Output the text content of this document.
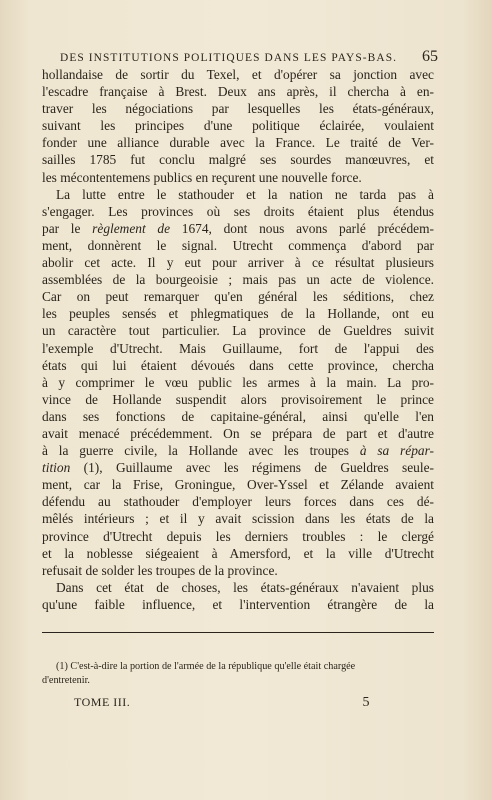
DES INSTITUTIONS POLITIQUES DANS LES PAYS-BAS. 65
hollandaise de sortir du Texel, et d'opérer sa jonction avec
l'escadre française à Brest. Deux ans après, il chercha à en-
traver les négociations par lesquelles les états-généraux,
suivant les principes d'une politique éclairée, voulaient
fonder une alliance durable avec la France. Le traité de Ver-
sailles 1785 fut conclu malgré ses sourdes manœuvres, et
les mécontentemens publics en reçurent une nouvelle force.
La lutte entre le stathouder et la nation ne tarda pas à
s'engager. Les provinces où ses droits étaient plus étendus
par le règlement de 1674, dont nous avons parlé précédem-
ment, donnèrent le signal. Utrecht commença d'abord par
abolir cet acte. Il y eut pour arriver à ce résultat plusieurs
assemblées de la bourgeoisie ; mais pas un acte de violence.
Car on peut remarquer qu'en général les séditions, chez
les peuples sensés et phlegmatiques de la Hollande, ont eu
un caractère tout particulier. La province de Gueldres suivit
l'exemple d'Utrecht. Mais Guillaume, fort de l'appui des
états qui lui étaient dévoués dans cette province, chercha
à y comprimer le vœu public les armes à la main. La pro-
vince de Hollande suspendit alors provisoirement le prince
dans ses fonctions de capitaine-général, ainsi qu'elle l'en
avait menacé précédemment. On se prépara de part et d'autre
à la guerre civile, la Hollande avec les troupes à sa répar-
tition (1), Guillaume avec les régimens de Gueldres seule-
ment, car la Frise, Groningue, Over-Yssel et Zélande avaient
défendu au stathouder d'employer leurs forces dans ces dé-
mêlés intérieurs ; et il y avait scission dans les états de la
province d'Utrecht depuis les derniers troubles : le clergé
et la noblesse siégeaient à Amersford, et la ville d'Utrecht
refusait de solder les troupes de la province.
Dans cet état de choses, les états-généraux n'avaient plus
qu'une faible influence, et l'intervention étrangère de la
(1) C'est-à-dire la portion de l'armée de la république qu'elle était chargée
d'entretenir.
TOME III.	5
